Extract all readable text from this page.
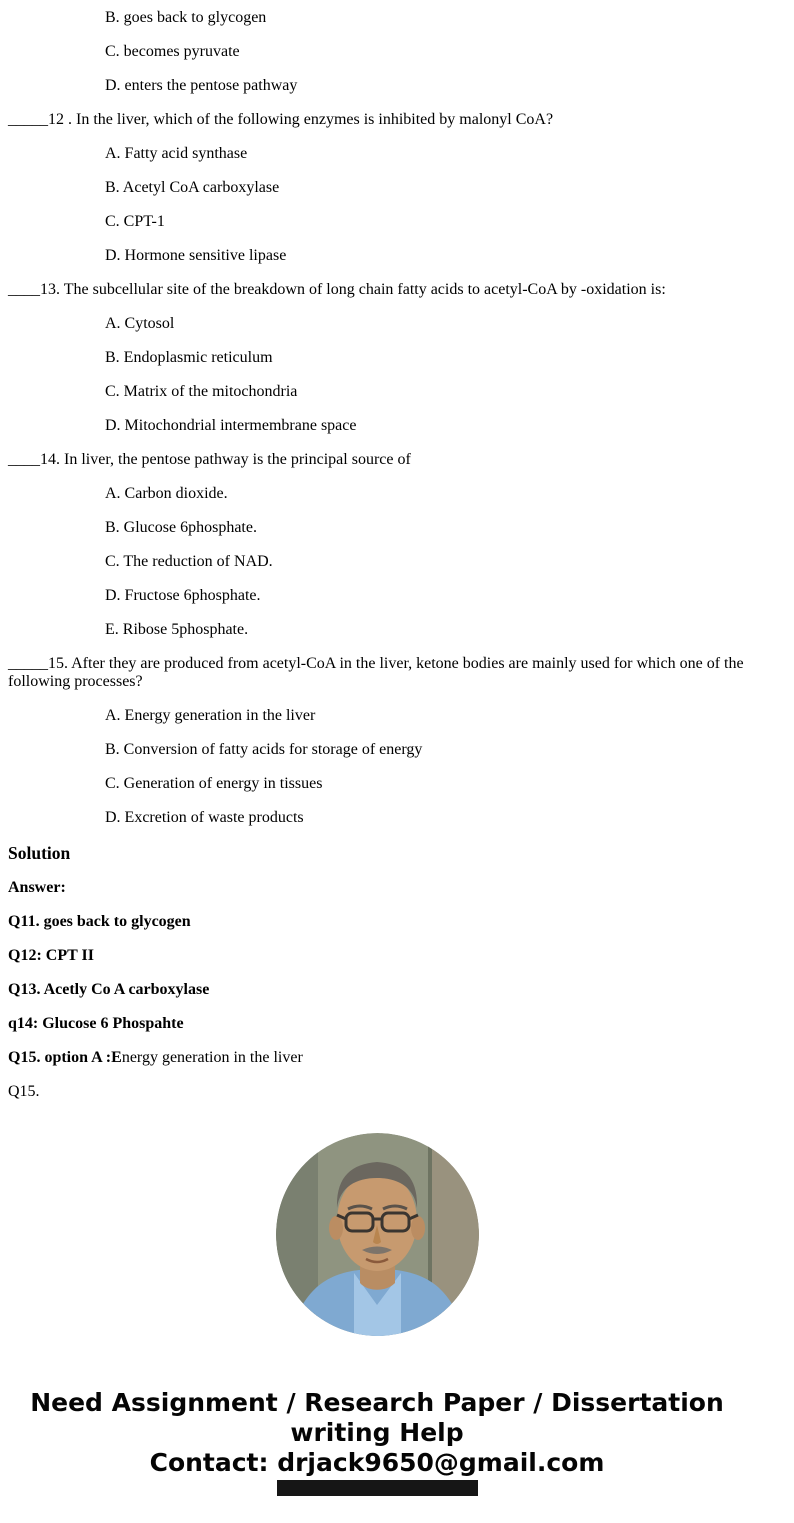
B. goes back to glycogen

C. becomes pyruvate

D. enters the pentose pathway

_____12 . In the liver, which of the following enzymes is inhibited by malonyl CoA?

A. Fatty acid synthase

B. Acetyl CoA carboxylase

C. CPT-1

D. Hormone sensitive lipase

____13. The subcellular site of the breakdown of long chain fatty acids to acetyl-CoA by -oxidation is:

A. Cytosol

B. Endoplasmic reticulum

C. Matrix of the mitochondria

D. Mitochondrial intermembrane space

____14. In liver, the pentose pathway is the principal source of

A. Carbon dioxide.

B. Glucose 6phosphate.

C. The reduction of NAD.

D. Fructose 6phosphate.

E. Ribose 5phosphate.

_____15. After they are produced from acetyl-CoA in the liver, ketone bodies are mainly used for which one of the following processes?

A. Energy generation in the liver

B. Conversion of fatty acids for storage of energy

C. Generation of energy in tissues

D. Excretion of waste products

Solution

Answer:

Q11. goes back to glycogen

Q12: CPT II

Q13. Acetly Co A carboxylase

q14: Glucose 6 Phospahte

Q15. option A :Energy generation in the liver

Q15.

Need Assignment / Research Paper / Dissertation
writing Help
Contact: drjack9650@gmail.com
